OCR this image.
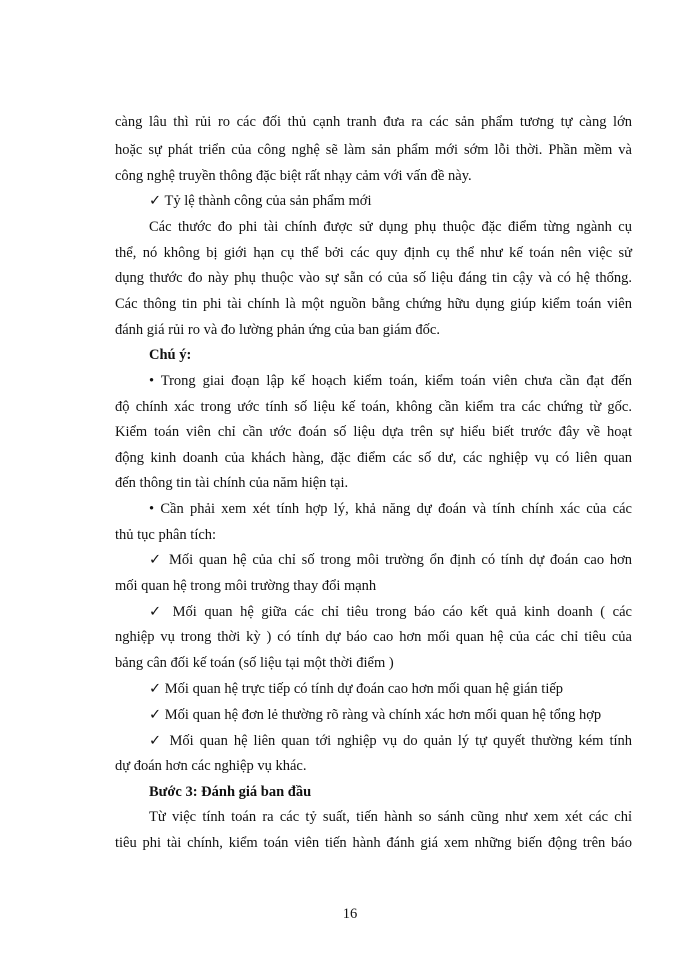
càng lâu thì rủi ro các đối thủ cạnh tranh đưa ra các sản phẩm tương tự càng lớn
hoặc sự phát triển của công nghệ sẽ làm sản phẩm mới sớm lỗi thời. Phần mềm và
công nghệ truyền thông đặc biệt rất nhạy cảm với vấn đề này.
✓ Tỷ lệ thành công của sản phẩm mới
Các thước đo phi tài chính được sử dụng phụ thuộc đặc điểm từng ngành cụ
thể, nó không bị giới hạn cụ thể bởi các quy định cụ thể như kế toán nên việc sử
dụng thước đo này phụ thuộc vào sự sẵn có của số liệu đáng tin cậy và có hệ thống.
Các thông tin phi tài chính là một nguồn bằng chứng hữu dụng giúp kiểm toán viên
đánh giá rủi ro và đo lường phản ứng của ban giám đốc.
Chú ý:
• Trong giai đoạn lập kế hoạch kiểm toán, kiểm toán viên chưa cần đạt đến
độ chính xác trong ước tính số liệu kế toán, không cần kiểm tra các chứng từ gốc.
Kiểm toán viên chỉ cần ước đoán số liệu dựa trên sự hiểu biết trước đây về hoạt
động kinh doanh của khách hàng, đặc điểm các số dư, các nghiệp vụ có liên quan
đến thông tin tài chính của năm hiện tại.
• Cần phải xem xét tính hợp lý, khả năng dự đoán và tính chính xác của các
thủ tục phân tích:
✓ Mối quan hệ của chỉ số trong môi trường ổn định có tính dự đoán cao hơn
mối quan hệ trong môi trường thay đổi mạnh
✓ Mối quan hệ giữa các chỉ tiêu trong báo cáo kết quả kinh doanh ( các
nghiệp vụ trong thời kỳ ) có tính dự báo cao hơn mối quan hệ của các chỉ tiêu của
bảng cân đối kế toán (số liệu tại một thời điểm )
✓ Mối quan hệ trực tiếp có tính dự đoán cao hơn mối quan hệ gián tiếp
✓ Mối quan hệ đơn lẻ thường rõ ràng và chính xác hơn mối quan hệ tổng hợp
✓ Mối quan hệ liên quan tới nghiệp vụ do quản lý tự quyết thường kém tính
dự đoán hơn các nghiệp vụ khác.
Bước 3: Đánh giá ban đầu
Từ việc tính toán ra các tỷ suất, tiến hành so sánh cũng như xem xét các chỉ
tiêu phi tài chính, kiểm toán viên tiến hành đánh giá xem những biến động trên báo
16
